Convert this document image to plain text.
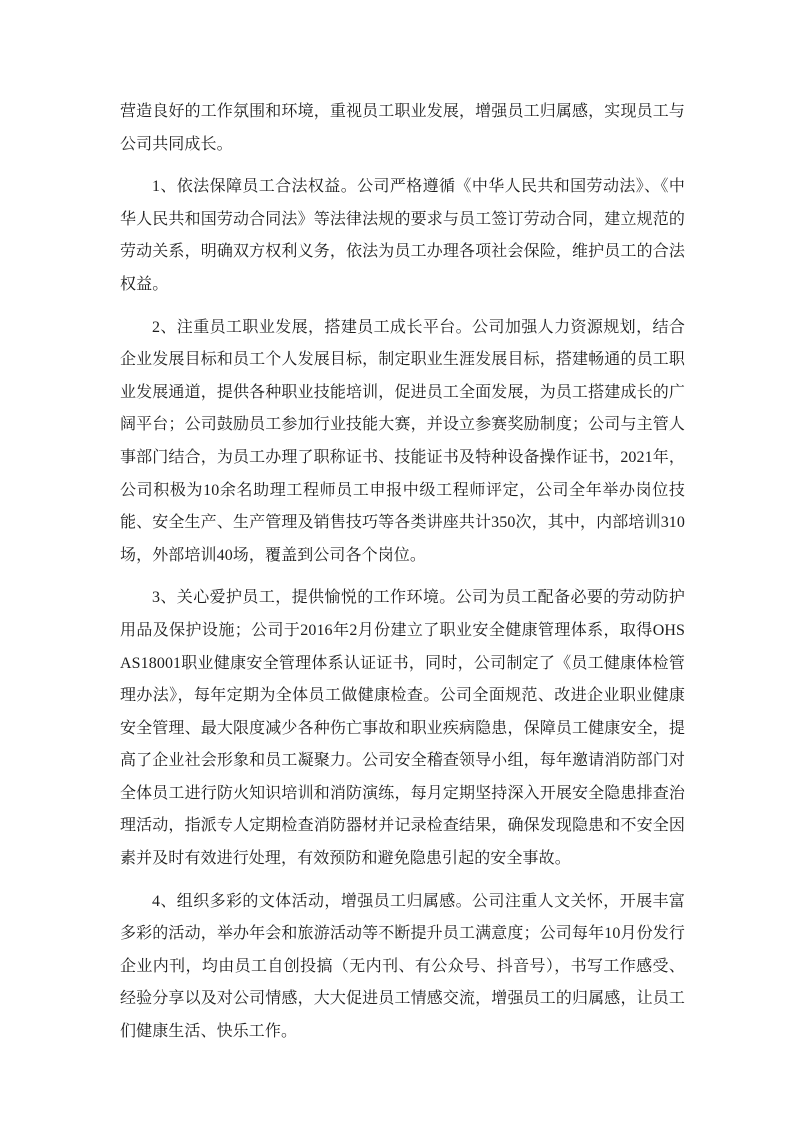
营造良好的工作氛围和环境，重视员工职业发展，增强员工归属感，实现员工与公司共同成长。

1、依法保障员工合法权益。公司严格遵循《中华人民共和国劳动法》、《中华人民共和国劳动合同法》等法律法规的要求与员工签订劳动合同，建立规范的劳动关系，明确双方权利义务，依法为员工办理各项社会保险，维护员工的合法权益。

2、注重员工职业发展，搭建员工成长平台。公司加强人力资源规划，结合企业发展目标和员工个人发展目标，制定职业生涯发展目标，搭建畅通的员工职业发展通道，提供各种职业技能培训，促进员工全面发展，为员工搭建成长的广阔平台；公司鼓励员工参加行业技能大赛，并设立参赛奖励制度；公司与主管人事部门结合，为员工办理了职称证书、技能证书及特种设备操作证书，2021年，公司积极为10余名助理工程师员工申报中级工程师评定，公司全年举办岗位技能、安全生产、生产管理及销售技巧等各类讲座共计350次，其中，内部培训310场，外部培训40场，覆盖到公司各个岗位。

3、关心爱护员工，提供愉悦的工作环境。公司为员工配备必要的劳动防护用品及保护设施；公司于2016年2月份建立了职业安全健康管理体系，取得OHSAS18001职业健康安全管理体系认证证书，同时，公司制定了《员工健康体检管理办法》，每年定期为全体员工做健康检查。公司全面规范、改进企业职业健康安全管理、最大限度减少各种伤亡事故和职业疾病隐患，保障员工健康安全，提高了企业社会形象和员工凝聚力。公司安全稽查领导小组，每年邀请消防部门对全体员工进行防火知识培训和消防演练，每月定期坚持深入开展安全隐患排查治理活动，指派专人定期检查消防器材并记录检查结果，确保发现隐患和不安全因素并及时有效进行处理，有效预防和避免隐患引起的安全事故。

4、组织多彩的文体活动，增强员工归属感。公司注重人文关怀，开展丰富多彩的活动，举办年会和旅游活动等不断提升员工满意度；公司每年10月份发行企业内刊，均由员工自创投搞（无内刊、有公众号、抖音号），书写工作感受、经验分享以及对公司情感，大大促进员工情感交流，增强员工的归属感，让员工们健康生活、快乐工作。
